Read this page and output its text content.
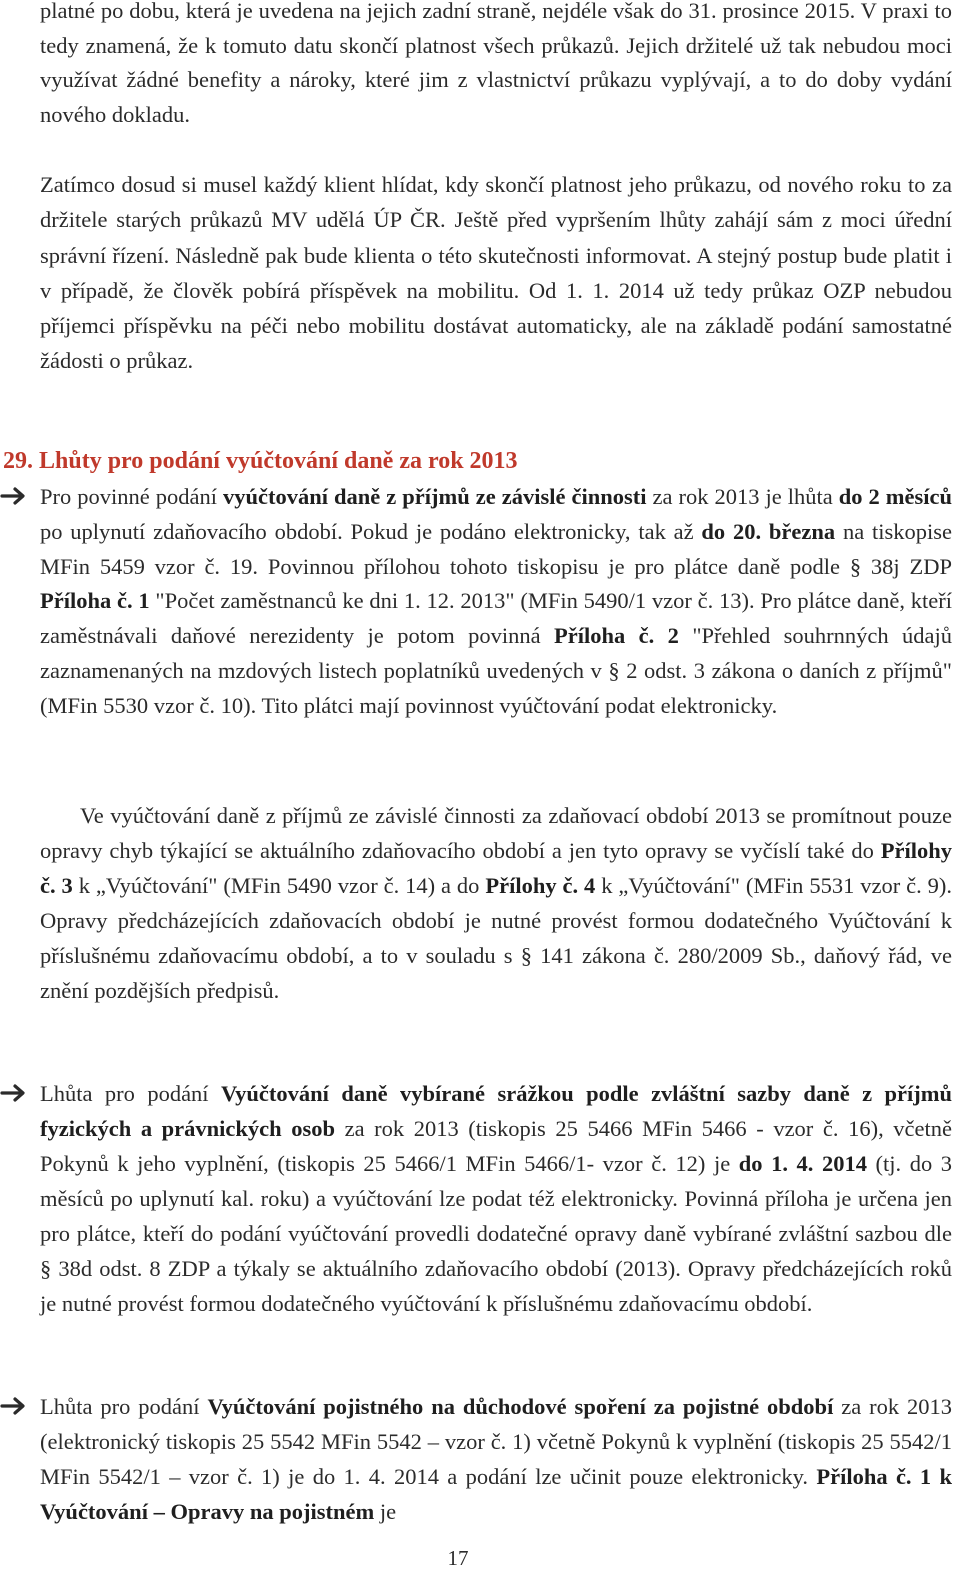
platné po dobu, která je uvedena na jejich zadní straně, nejdéle však do 31. prosince 2015. V praxi to tedy znamená, že k tomuto datu skončí platnost všech průkazů. Jejich držitelé už tak nebudou moci využívat žádné benefity a nároky, které jim z vlastnictví průkazu vyplývají, a to do doby vydání nového dokladu.

Zatímco dosud si musel každý klient hlídat, kdy skončí platnost jeho průkazu, od nového roku to za držitele starých průkazů MV udělá ÚP ČR. Ještě před vypršením lhůty zahájí sám z moci úřední správní řízení. Následně pak bude klienta o této skutečnosti informovat. A stejný postup bude platit i v případě, že člověk pobírá příspěvek na mobilitu. Od 1. 1. 2014 už tedy průkaz OZP nebudou příjemci příspěvku na péči nebo mobilitu dostávat automaticky, ale na základě podání samostatné žádosti o průkaz.

29. Lhůty pro podání vyúčtování daně za rok 2013

Pro povinné podání vyúčtování daně z příjmů ze závislé činnosti za rok 2013 je lhůta do 2 měsíců po uplynutí zdaňovacího období. Pokud je podáno elektronicky, tak až do 20. března na tiskopise MFin 5459 vzor č. 19. Povinnou přílohou tohoto tiskopisu je pro plátce daně podle § 38j ZDP Příloha č. 1 "Počet zaměstnanců ke dni 1. 12. 2013" (MFin 5490/1 vzor č. 13). Pro plátce daně, kteří zaměstnávali daňové nerezidenty je potom povinná Příloha č. 2 "Přehled souhrnných údajů zaznamenaných na mzdových listech poplatníků uvedených v § 2 odst. 3 zákona o daních z příjmů" (MFin 5530 vzor č. 10). Tito plátci mají povinnost vyúčtování podat elektronicky.

Ve vyúčtování daně z příjmů ze závislé činnosti za zdaňovací období 2013 se promítnout pouze opravy chyb týkající se aktuálního zdaňovacího období a jen tyto opravy se vyčíslí také do Přílohy č. 3 k „Vyúčtování" (MFin 5490 vzor č. 14) a do Přílohy č. 4 k „Vyúčtování" (MFin 5531 vzor č. 9). Opravy předcházejících zdaňovacích období je nutné provést formou dodatečného Vyúčtování k příslušnému zdaňovacímu období, a to v souladu s § 141 zákona č. 280/2009 Sb., daňový řád, ve znění pozdějších předpisů.

Lhůta pro podání Vyúčtování daně vybírané srážkou podle zvláštní sazby daně z příjmů fyzických a právnických osob za rok 2013 (tiskopis 25 5466 MFin 5466 - vzor č. 16), včetně Pokynů k jeho vyplnění, (tiskopis 25 5466/1 MFin 5466/1- vzor č. 12) je do 1. 4. 2014 (tj. do 3 měsíců po uplynutí kal. roku) a vyúčtování lze podat též elektronicky. Povinná příloha je určena jen pro plátce, kteří do podání vyúčtování provedli dodatečné opravy daně vybírané zvláštní sazbou dle § 38d odst. 8 ZDP a týkaly se aktuálního zdaňovacího období (2013). Opravy předcházejících roků je nutné provést formou dodatečného vyúčtování k příslušnému zdaňovacímu období.

Lhůta pro podání Vyúčtování pojistného na důchodové spoření za pojistné období za rok 2013 (elektronický tiskopis 25 5542 MFin 5542 – vzor č. 1) včetně Pokynů k vyplnění (tiskopis 25 5542/1 MFin 5542/1 – vzor č. 1) je do 1. 4. 2014 a podání lze učinit pouze elektronicky. Příloha č. 1 k Vyúčtování – Opravy na pojistném je

17
